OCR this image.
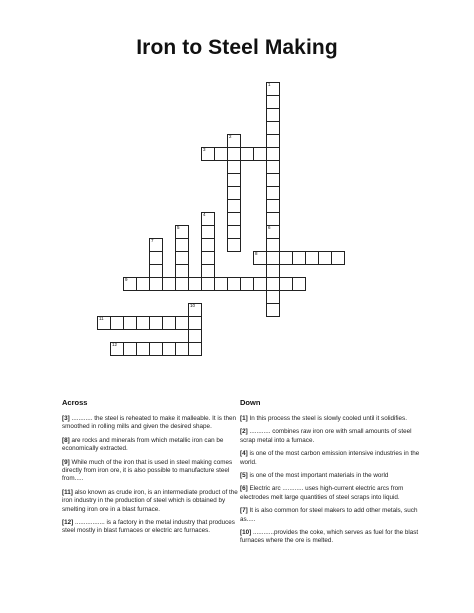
Iron to Steel Making
1
2
3
4
5	6
7
8
9
10
11
12
Across
[3] ............ the steel is reheated to make it malleable. It is then smoothed in rolling mills and given the desired shape.
[8] are rocks and minerals from which metallic iron can be economically extracted.
[9] While much of the iron that is used in steel making comes directly from iron ore, it is also possible to manufacture steel from.....
[11] also known as crude iron, is an intermediate product of the iron industry in the production of steel which is obtained by smelting iron ore in a blast furnace.
[12] ................. is a factory in the metal industry that produces steel mostly in blast furnaces or electric arc furnaces.
Down
[1] In this process the steel is slowly cooled until it solidifies.
[2] ............ combines raw iron ore with small amounts of steel scrap metal into a furnace.
[4] is one of the most carbon emission intensive industries in the world.
[5] is one of the most important materials in the world
[6] Electric arc ............ uses high-current electric arcs from electrodes melt large quantities of steel scraps into liquid.
[7] It is also common for steel makers to add other metals, such as.....
[10] ............provides the coke, which serves as fuel for the blast furnaces where the ore is melted.
